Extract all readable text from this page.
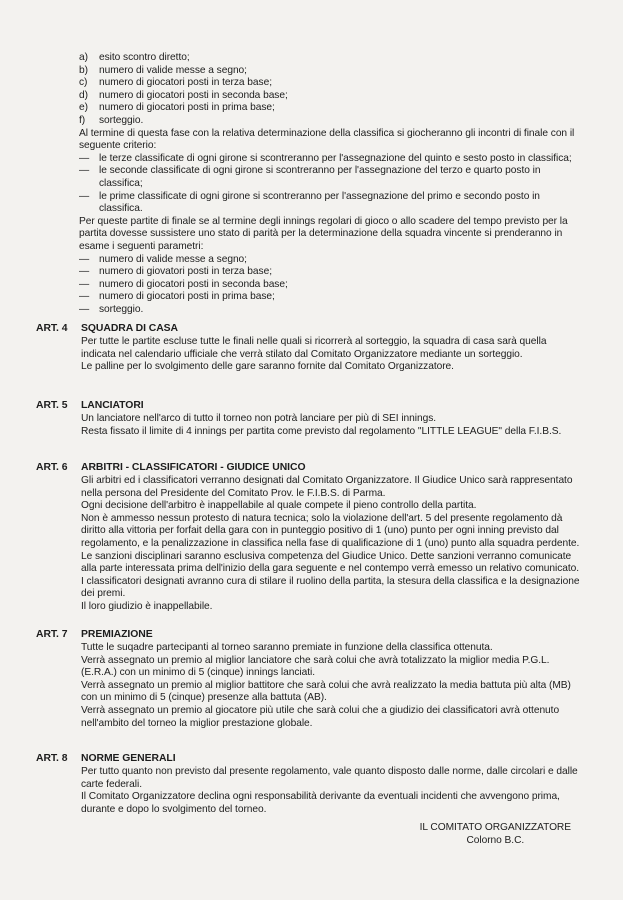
a)	esito scontro diretto;
b)	numero di valide messe a segno;
c)	numero di giocatori posti in terza base;
d)	numero di giocatori posti in seconda base;
e)	numero di giocatori posti in prima base;
f)	sorteggio.

Al termine di questa fase con la relativa determinazione della classifica si giocheranno gli incontri di finale con il seguente criterio:

— le terze classificate di ogni girone si scontreranno per l'assegnazione del quinto e sesto posto in classifica;
— le seconde classificate di ogni girone si scontreranno per l'assegnazione del terzo e quarto posto in classifica;
— le prime classificate di ogni girone si scontreranno per l'assegnazione del primo e secondo posto in classifica.

Per queste partite di finale se al termine degli innings regolari di gioco o allo scadere del tempo previsto per la partita dovesse sussistere uno stato di parità per la determinazione della squadra vincente si prenderanno in esame i seguenti parametri:

— numero di valide messe a segno;
— numero di giovatori posti in terza base;
— numero di giocatori posti in seconda base;
— numero di giocatori posti in prima base;
— sorteggio.
ART. 4	SQUADRA DI CASA

Per tutte le partite escluse tutte le finali nelle quali si ricorrerà al sorteggio, la squadra di casa sarà quella indicata nel calendario ufficiale che verrà stilato dal Comitato Organizzatore mediante un sorteggio.

Le palline per lo svolgimento delle gare saranno fornite dal Comitato Organizzatore.

ART. 5	LANCIATORI

Un lanciatore nell'arco di tutto il torneo non potrà lanciare per più di SEI innings.

Resta fissato il limite di 4 innings per partita come previsto dal regolamento "LITTLE LEAGUE" della F.I.B.S.

ART. 6	ARBITRI - CLASSIFICATORI - GIUDICE UNICO

Gli arbitri ed i classificatori verranno designati dal Comitato Organizzatore. Il Giudice Unico sarà rappresentato nella persona del Presidente del Comitato Prov. le F.I.B.S. di Parma.

Ogni decisione dell'arbitro è inappellabile al quale compete il pieno controllo della partita.

Non è ammesso nessun protesto di natura tecnica; solo la violazione dell'art. 5 del presente regolamento dà diritto alla vittoria per forfait della gara con in punteggio positivo di 1 (uno) punto per ogni inning previsto dal regolamento, e la penalizzazione in classifica nella fase di qualificazione di 1 (uno) punto alla squadra perdente.

Le sanzioni disciplinari saranno esclusiva competenza del Giudice Unico. Dette sanzioni verranno comunicate alla parte interessata prima dell'inizio della gara seguente e nel contempo verrà emesso un relativo comunicato.

I classificatori designati avranno cura di stilare il ruolino della partita, la stesura della classifica e la designazione dei premi.

Il loro giudizio è inappellabile.

ART. 7	PREMIAZIONE

Tutte le suqadre partecipanti al torneo saranno premiate in funzione della classifica ottenuta.

Verrà assegnato un premio al miglior lanciatore che sarà colui che avrà totalizzato la miglior media P.G.L. (E.R.A.) con un minimo di 5 (cinque) innings lanciati.

Verrà assegnato un premio al miglior battitore che sarà colui che avrà realizzato la media battuta più alta (MB) con un minimo di 5 (cinque) presenze alla battuta (AB).

Verrà assegnato un premio al giocatore più utile che sarà colui che a giudizio dei classificatori avrà ottenuto nell'ambito del torneo la miglior prestazione globale.

ART. 8	NORME GENERALI

Per tutto quanto non previsto dal presente regolamento, vale quanto disposto dalle norme, dalle circolari e dalle carte federali.

Il Comitato Organizzatore declina ogni responsabilità derivante da eventuali incidenti che avvengono prima, durante e dopo lo svolgimento del torneo.

IL COMITATO ORGANIZZATORE
Colorno B.C.
